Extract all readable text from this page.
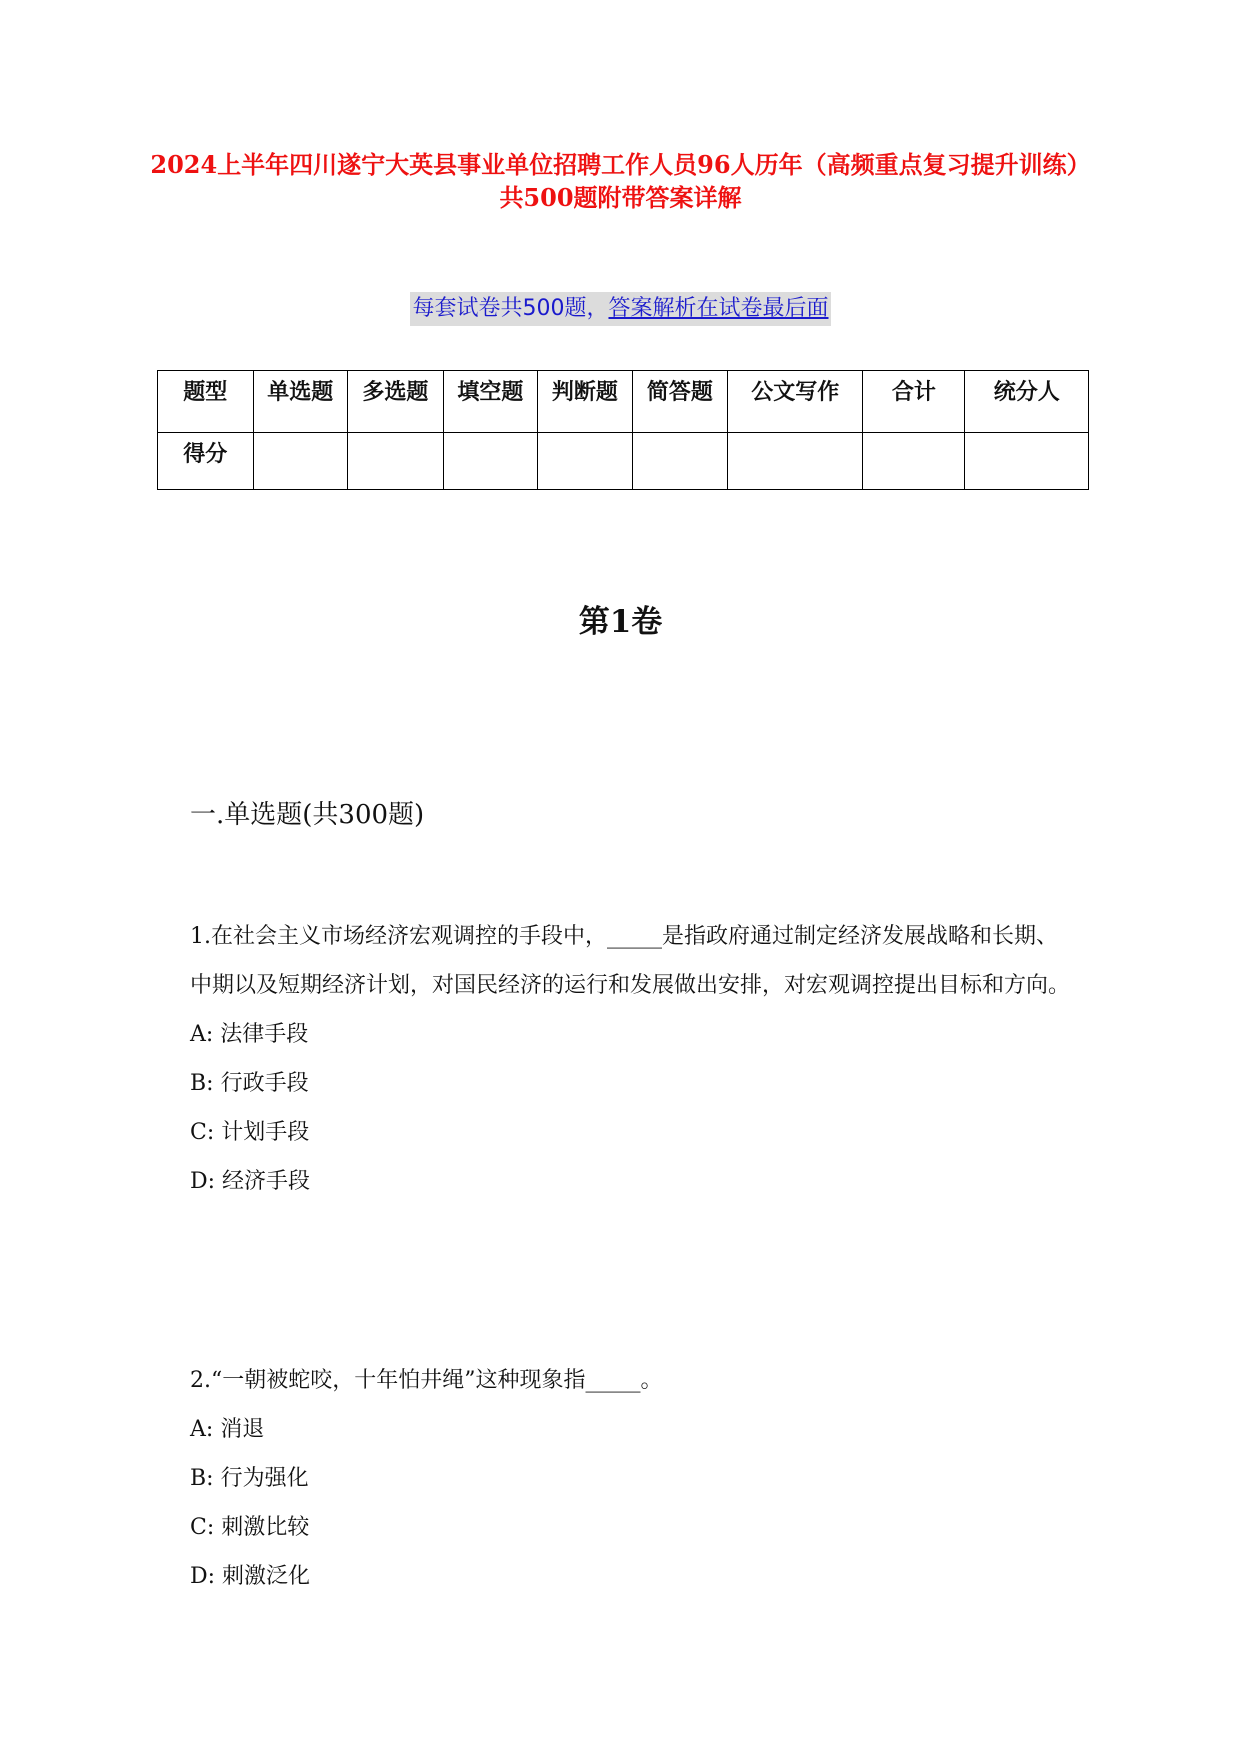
2024上半年四川遂宁大英县事业单位招聘工作人员96人历年（高频重点复习提升训练）共500题附带答案详解
每套试卷共500题，答案解析在试卷最后面
题型	单选题	多选题	填空题	判断题	简答题	公文写作	合计	统分人
得分								
第1卷
一.单选题(共300题)

1.在社会主义市场经济宏观调控的手段中，_____是指政府通过制定经济发展战略和长期、中期以及短期经济计划，对国民经济的运行和发展做出安排，对宏观调控提出目标和方向。

A: 法律手段

B: 行政手段

C: 计划手段

D: 经济手段

2.“一朝被蛇咬，十年怕井绳”这种现象指_____。

A: 消退

B: 行为强化

C: 刺激比较

D: 刺激泛化
